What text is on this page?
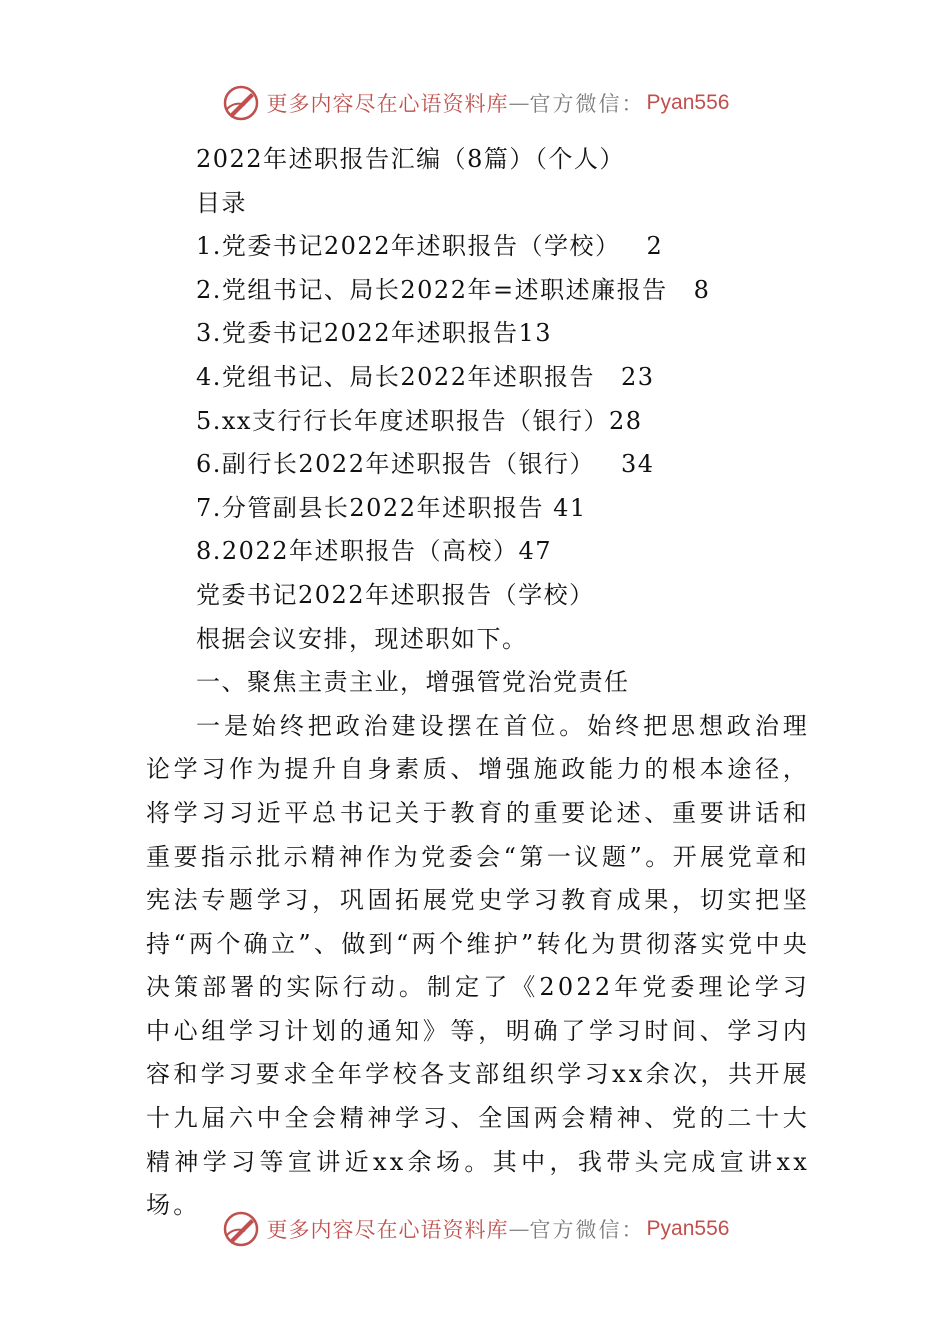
更多内容尽在心语资料库 — 官方微信： Pyan556
2022年述职报告汇编（8篇）（个人）
目录
1.党委书记2022年述职报告（学校） 2
2.党组书记、局长2022年=述职述廉报告 8
3.党委书记2022年述职报告13
4.党组书记、局长2022年述职报告 23
5.xx支行行长年度述职报告（银行）28
6.副行长2022年述职报告（银行） 34
7.分管副县长2022年述职报告 41
8.2022年述职报告（高校）47
党委书记2022年述职报告（学校）
根据会议安排，现述职如下。
一、聚焦主责主业，增强管党治党责任
一是始终把政治建设摆在首位。始终把思想政治理论学习作为提升自身素质、增强施政能力的根本途径，将学习习近平总书记关于教育的重要论述、重要讲话和重要指示批示精神作为党委会“第一议题”。开展党章和宪法专题学习，巩固拓展党史学习教育成果，切实把坚持“两个确立”、做到“两个维护”转化为贯彻落实党中央决策部署的实际行动。制定了《2022年党委理论学习中心组学习计划的通知》等，明确了学习时间、学习内容和学习要求全年学校各支部组织学习xx余次，共开展十九届六中全会精神学习、全国两会精神、党的二十大精神学习等宣讲近xx余场。其中，我带头完成宣讲xx场。
更多内容尽在心语资料库 — 官方微信： Pyan556
